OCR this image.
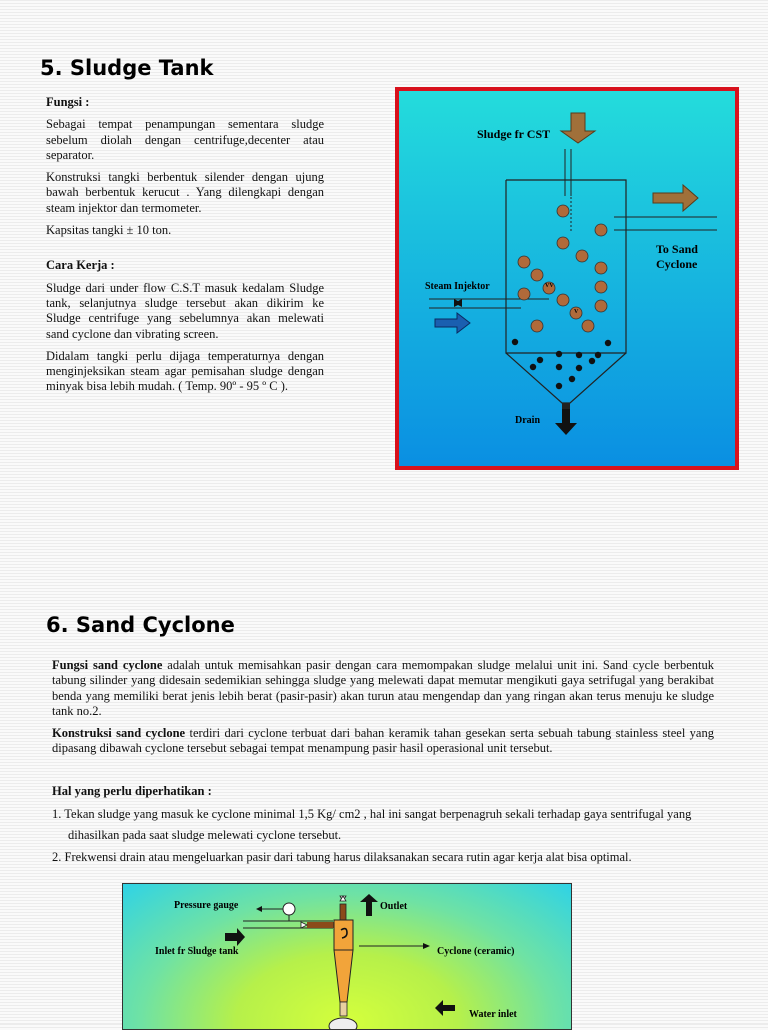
5. Sludge Tank

Fungsi :

Sebagai tempat penampungan sementara sludge sebelum diolah dengan centrifuge,decenter atau separator.

Konstruksi tangki berbentuk silender dengan ujung bawah berbentuk kerucut . Yang dilengkapi dengan steam injektor dan termometer.

Kapsitas tangki ± 10 ton.

Cara Kerja :

Sludge dari under flow C.S.T masuk kedalam Sludge tank, selanjutnya sludge tersebut akan dikirim ke Sludge centrifuge yang sebelumnya akan melewati sand cyclone dan vibrating screen.

Didalam tangki perlu dijaga temperaturnya dengan menginjeksikan steam agar pemisahan sludge dengan minyak bisa lebih mudah. ( Temp. 90º - 95 º C ).

Sludge fr CST
To Sand Cyclone
Steam Injektor
Drain
VV
V
6. Sand Cyclone

Fungsi sand cyclone adalah untuk memisahkan pasir dengan cara memompakan sludge melalui unit ini. Sand cycle berbentuk tabung silinder yang didesain sedemikian sehingga sludge yang melewati dapat memutar mengikuti gaya setrifugal yang berakibat benda yang memiliki berat jenis lebih berat (pasir-pasir) akan turun atau mengendap dan yang ringan akan terus menuju ke sludge tank no.2.

Konstruksi sand cyclone terdiri dari cyclone terbuat dari bahan keramik tahan gesekan serta sebuah tabung stainless steel yang dipasang dibawah cyclone tersebut sebagai tempat menampung pasir hasil operasional unit tersebut.

Hal yang perlu diperhatikan :
1. Tekan sludge yang masuk ke cyclone minimal 1,5 Kg/ cm2 , hal ini sangat berpenagruh sekali terhadap gaya sentrifugal yang
dihasilkan pada saat sludge melewati cyclone tersebut.
2. Frekwensi drain atau mengeluarkan pasir dari tabung harus dilaksanakan secara rutin agar kerja alat bisa optimal.
Pressure gauge	Outlet
Inlet fr Sludge tank	Cyclone (ceramic)
Water inlet
